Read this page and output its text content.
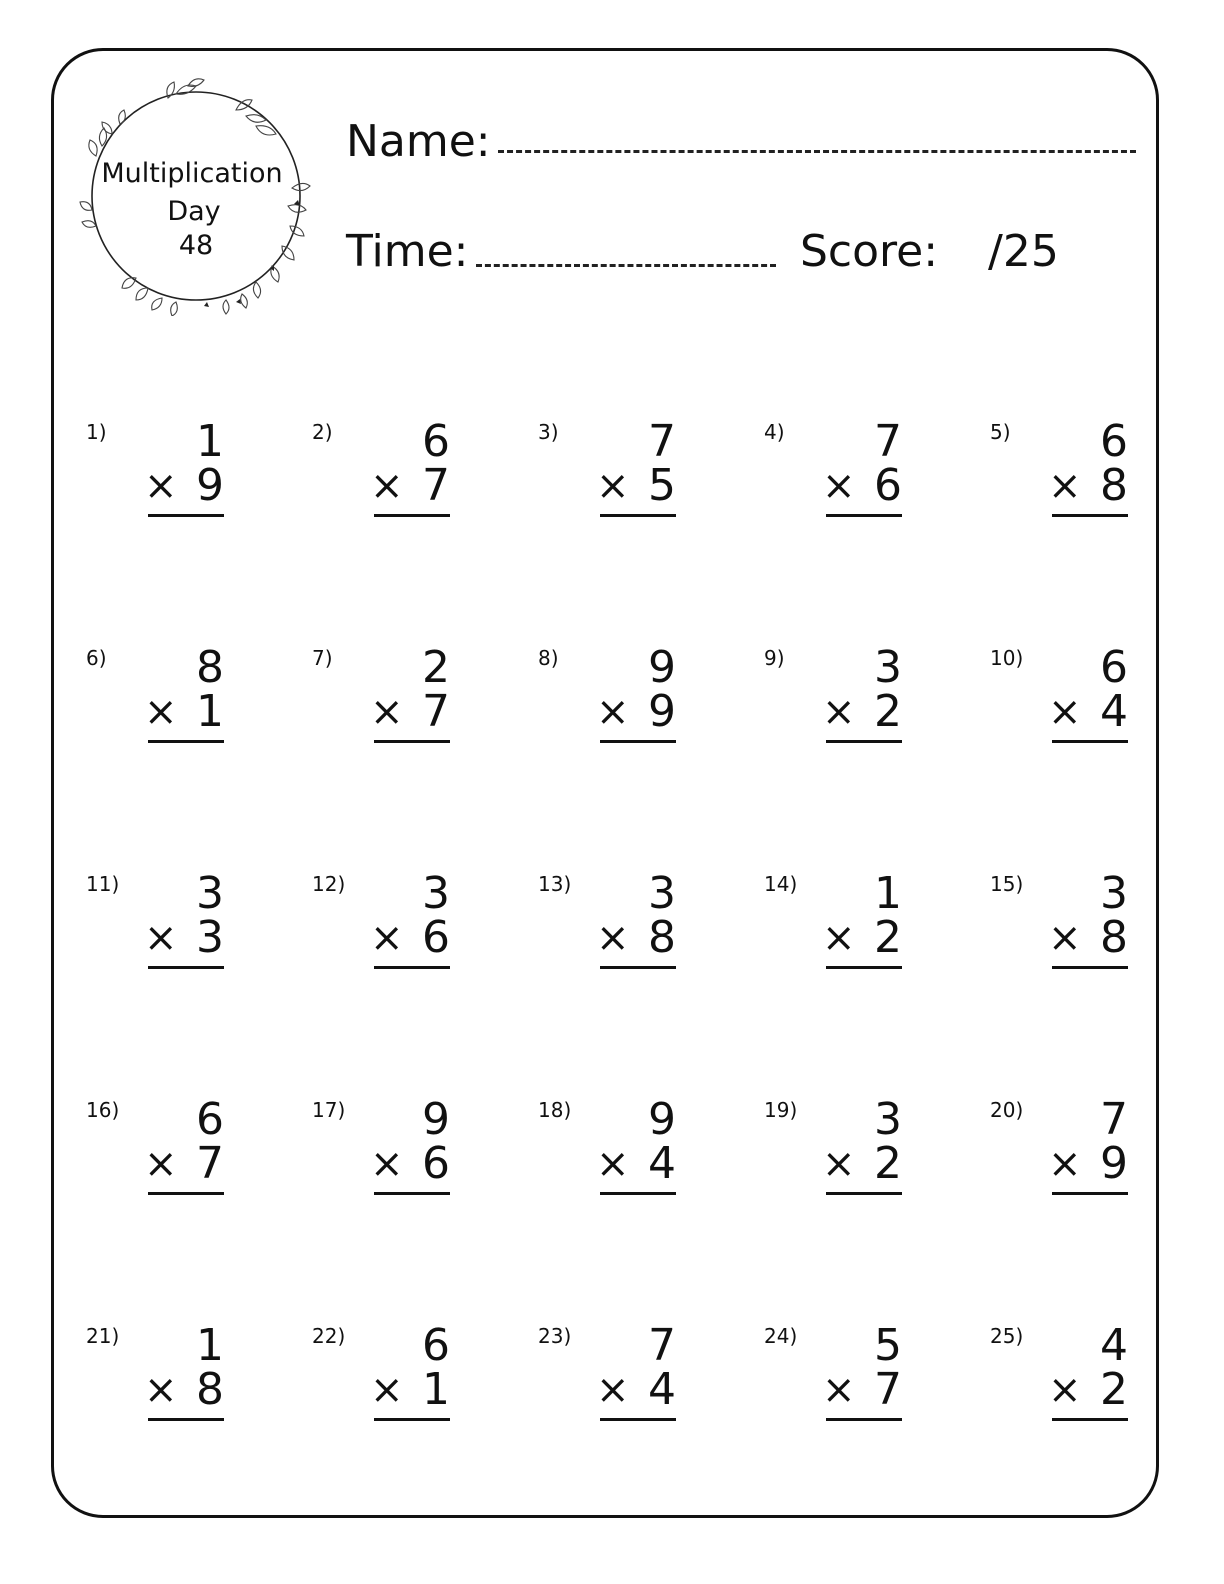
Multiplication
Day
48
Name:
Time:	Score: /25
1)	1
× 9
2)	6
× 7
3)	7
× 5
4)	7
× 6
5)	6
× 8
6)	8
× 1
7)	2
× 7
8)	9
× 9
9)	3
× 2
10)	6
× 4
11)	3
× 3
12)	3
× 6
13)	3
× 8
14)	1
× 2
15)	3
× 8
16)	6
× 7
17)	9
× 6
18)	9
× 4
19)	3
× 2
20)	7
× 9
21)	1
× 8
22)	6
× 1
23)	7
× 4
24)	5
× 7
25)	4
× 2
